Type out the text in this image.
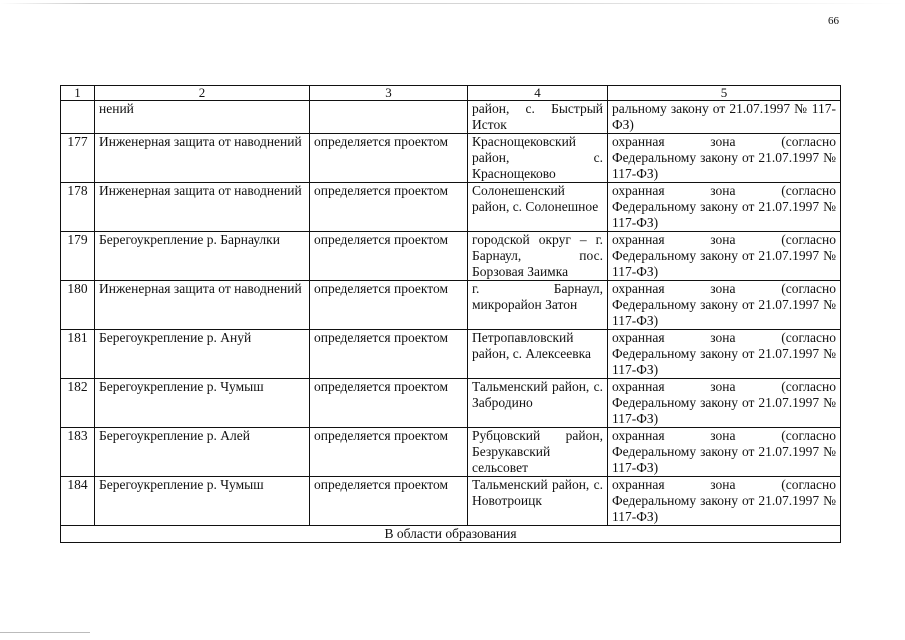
66
1	2	3	4	5
	нений		район, с. Быстрый Исток	ральному закону от 21.07.1997 № 117-ФЗ)
177	Инженерная защита от наводнений	определяется проектом	Краснощековский район, с. Краснощеково	охранная зона (согласно Федеральному закону от 21.07.1997 № 117-ФЗ)
178	Инженерная защита от наводнений	определяется проектом	Солонешенский район, с. Солонешное	охранная зона (согласно Федеральному закону от 21.07.1997 № 117-ФЗ)
179	Берегоукрепление р. Барнаулки	определяется проектом	городской округ – г. Барнаул, пос. Борзовая Заимка	охранная зона (согласно Федеральному закону от 21.07.1997 № 117-ФЗ)
180	Инженерная защита от наводнений	определяется проектом	г. Барнаул, микрорайон Затон	охранная зона (согласно Федеральному закону от 21.07.1997 № 117-ФЗ)
181	Берегоукрепление р. Ануй	определяется проектом	Петропавловский район, с. Алексеевка	охранная зона (согласно Федеральному закону от 21.07.1997 № 117-ФЗ)
182	Берегоукрепление р. Чумыш	определяется проектом	Тальменский район, с. Забродино	охранная зона (согласно Федеральному закону от 21.07.1997 № 117-ФЗ)
183	Берегоукрепление р. Алей	определяется проектом	Рубцовский район, Безрукавский сельсовет	охранная зона (согласно Федеральному закону от 21.07.1997 № 117-ФЗ)
184	Берегоукрепление р. Чумыш	определяется проектом	Тальменский район, с. Новотроицк	охранная зона (согласно Федеральному закону от 21.07.1997 № 117-ФЗ)
В области образования				
